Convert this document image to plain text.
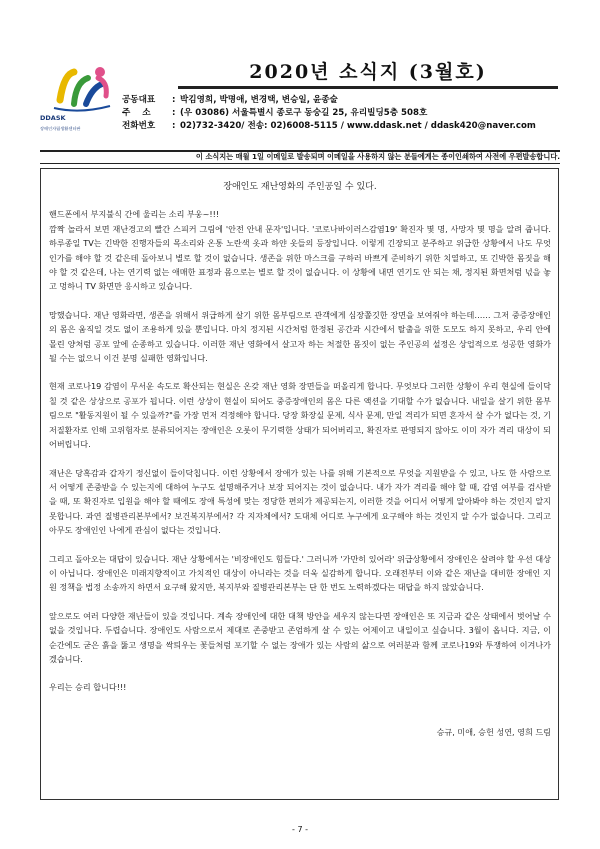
DDASK
장애인자립생활센터판
2020년 소식지 (3월호)
공동대표	: 박김영희, 박명애, 변경택, 변승일, 윤종술
주    소	: (우 03086) 서울특별시 종로구 동숭길 25, 유리빌딩5층 508호
전화번호	: 02)732-3420/ 전송: 02)6008-5115 / www.ddask.net / ddask420@naver.com
이 소식지는 매월 1일 이메일로 발송되며 이메일을 사용하지 않는 분들에게는 종이인쇄하여 사전에 우편발송합니다.
장애인도 재난영화의 주인공일 수 있다.

핸드폰에서 부지불식 간에 울리는 소리 부웅~!!!
깜짝 놀라서 보면 재난경고의 빨간 스피커 그림에 '안전 안내 문자'입니다. '코로나바이러스감염19' 확진자 몇 명, 사망자 몇 명을 알려 줍니다. 하루종일 TV는 긴박한 진행자들의 목소리와 온통 노란색 옷과 하얀 옷들의 등장입니다. 이렇게 긴장되고 분주하고 위급한 상황에서 나도 무엇인가를 해야 할 것 같은데 돌아보니 별로 할 것이 없습니다. 생존을 위한 마스크를 구하러 바쁘게 준비하기 위한 치열하고, 또 긴박한 몸짓을 해야 할 것 같은데, 나는 연기력 없는 애매한 표정과 몸으로는 별로 할 것이 없습니다. 이 상황에 내면 연기도 안 되는 채, 정지된 화면처럼 넋을 놓고 멍하니 TV 화면만 응시하고 있습니다.

망했습니다. 재난 영화라면, 생존을 위해서 위급하게 살기 위한 몸부림으로 관객에게 심장쫄깃한 장면을 보여줘야 하는데…… 그저 중증장애인의 몸은 움직일 것도 없이 조용하게 있을 뿐입니다. 마치 정지된 시간처럼 한정된 공간과 시간에서 탈출을 위한 도모도 하지 못하고, 우리 안에 몰린 양처럼 공포 앞에 순종하고 있습니다. 이러한 재난 영화에서 살고자 하는 처절한 몸짓이 없는 주인공의 설정은 상업적으로 성공한 영화가 될 수는 없으니 이건 분명 실패한 영화입니다.

현재 코로나19 감염이 무서운 속도로 확산되는 현실은 온갖 재난 영화 장면들을 떠올리게 합니다. 무엇보다 그러한 상황이 우리 현실에 들이닥칠 것 같은 상상으로 공포가 됩니다. 이런 상상이 현실이 되어도 중증장애인의 몸은 다른 액션을 기대할 수가 없습니다. 내일을 살기 위한 몸부림으로 "활동지원이 될 수 있을까?"를 가장 먼저 걱정해야 합니다. 당장 화장실 문제, 식사 문제, 만일 격리가 되면 혼자서 살 수가 없다는 것, 기저질환자로 인해 고위험자로 분류되어지는 장애인은 오롯이 무기력한 상태가 되어버리고, 확진자로 판명되지 않아도 이미 자가 격리 대상이 되어버립니다.

재난은 당혹감과 갑자기 정신없이 들이닥칩니다. 이런 상황에서 장애가 있는 나를 위해 기본적으로 무엇을 지원받을 수 있고, 나도 한 사람으로서 어떻게 존중받을 수 있는지에 대하여 누구도 설명해주거나 보장 되어지는 것이 없습니다. 내가 자가 격리를 해야 할 때, 감염 여부를 검사받을 때, 또 확진자로 입원을 해야 할 때에도 장애 특성에 맞는 정당한 편의가 제공되는지, 이러한 것을 어디서 어떻게 알아봐야 하는 것인지 알지 못합니다. 과연 질병관리본부에서? 보건복지부에서? 각 지자체에서? 도대체 어디로 누구에게 요구해야 하는 것인지 알 수가 없습니다. 그리고 아무도 장애인인 나에게 관심이 없다는 것입니다.

그리고 돌아오는 대답이 있습니다. 재난 상황에서는 '비장애인도 힘들다.' 그러니까 '가만히 있어라' 위급상황에서 장애인은 살려야 할 우선 대상이 아닙니다. 장애인은 미래지향적이고 가치적인 대상이 아니라는 것을 더욱 실감하게 합니다. 오래전부터 이와 같은 재난을 대비한 장애인 지원 정책을 법정 소송까지 하면서 요구해 왔지만, 복지부와 질병관리본부는 단 한 번도 노력하겠다는 대답을 하지 않았습니다.

앞으로도 여러 다양한 재난들이 있을 것입니다. 계속 장애인에 대한 대책 방안을 세우지 않는다면 장애인은 또 지금과 같은 상태에서 벗어날 수 없을 것입니다. 두렵습니다. 장애인도 사람으로서 제대로 존중받고 존엄하게 살 수 있는 어제이고 내일이고 싶습니다. 3월이 옵니다. 지금, 이 순간에도 굳은 흙을 뚫고 생명을 싹틔우는 꽃들처럼 포기할 수 없는 장애가 있는 사람의 삶으로 여러분과 함께 코로나19와 투쟁하여 이겨나가겠습니다.

우리는 승리 합니다!!!

승규, 미애, 승헌 성연, 영희 드림
- 7 -
